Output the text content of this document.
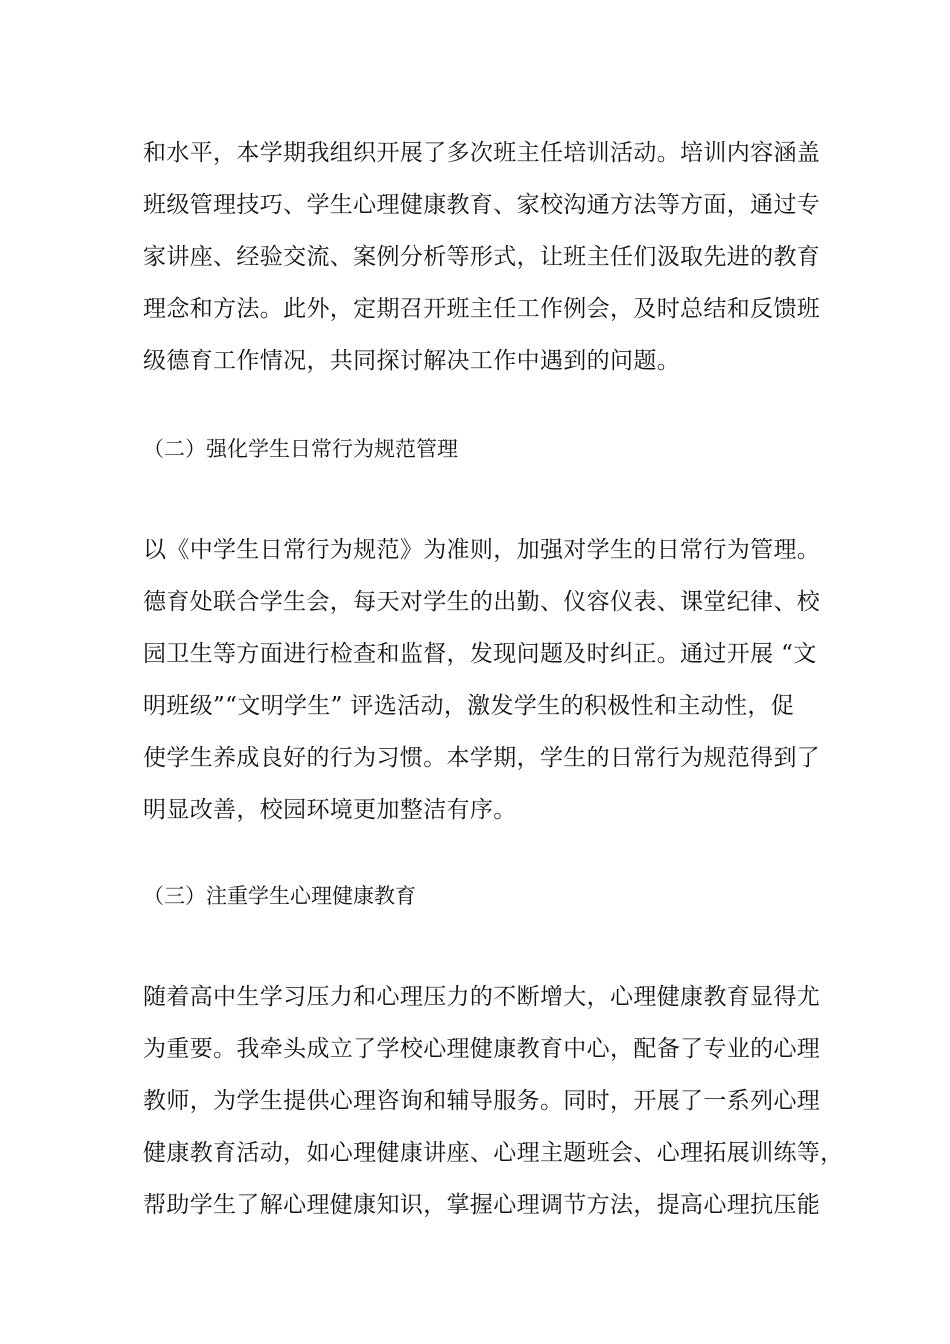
和水平，本学期我组织开展了多次班主任培训活动。培训内容涵盖
班级管理技巧、学生心理健康教育、家校沟通方法等方面，通过专
家讲座、经验交流、案例分析等形式，让班主任们汲取先进的教育
理念和方法。此外，定期召开班主任工作例会，及时总结和反馈班
级德育工作情况，共同探讨解决工作中遇到的问题。
（二）强化学生日常行为规范管理
以《中学生日常行为规范》为准则，加强对学生的日常行为管理。
德育处联合学生会，每天对学生的出勤、仪容仪表、课堂纪律、校
园卫生等方面进行检查和监督，发现问题及时纠正。通过开展 “文
明班级”“文明学生” 评选活动，激发学生的积极性和主动性，促
使学生养成良好的行为习惯。本学期，学生的日常行为规范得到了
明显改善，校园环境更加整洁有序。
（三）注重学生心理健康教育
随着高中生学习压力和心理压力的不断增大，心理健康教育显得尤
为重要。我牵头成立了学校心理健康教育中心，配备了专业的心理
教师，为学生提供心理咨询和辅导服务。同时，开展了一系列心理
健康教育活动，如心理健康讲座、心理主题班会、心理拓展训练等，
帮助学生了解心理健康知识，掌握心理调节方法，提高心理抗压能
